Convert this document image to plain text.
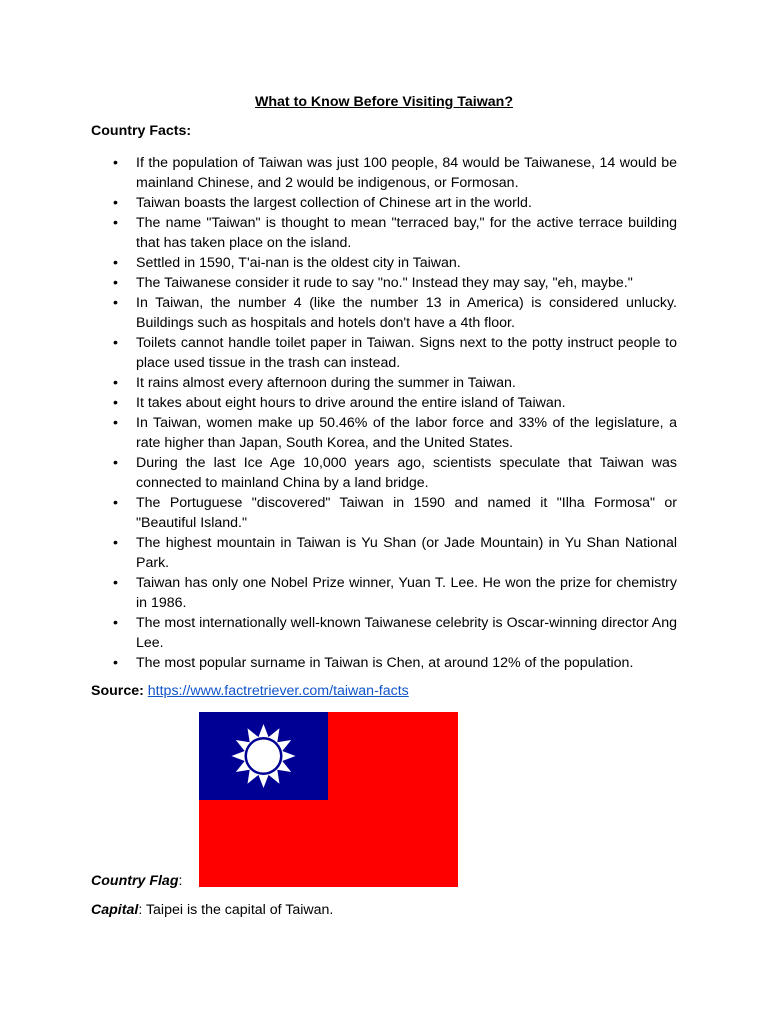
What to Know Before Visiting Taiwan?

Country Facts:

• If the population of Taiwan was just 100 people, 84 would be Taiwanese, 14 would be mainland Chinese, and 2 would be indigenous, or Formosan.
• Taiwan boasts the largest collection of Chinese art in the world.
• The name "Taiwan" is thought to mean "terraced bay," for the active terrace building that has taken place on the island.
• Settled in 1590, T'ai-nan is the oldest city in Taiwan.
• The Taiwanese consider it rude to say "no." Instead they may say, "eh, maybe."
• In Taiwan, the number 4 (like the number 13 in America) is considered unlucky. Buildings such as hospitals and hotels don't have a 4th floor.
• Toilets cannot handle toilet paper in Taiwan. Signs next to the potty instruct people to place used tissue in the trash can instead.
• It rains almost every afternoon during the summer in Taiwan.
• It takes about eight hours to drive around the entire island of Taiwan.
• In Taiwan, women make up 50.46% of the labor force and 33% of the legislature, a rate higher than Japan, South Korea, and the United States.
• During the last Ice Age 10,000 years ago, scientists speculate that Taiwan was connected to mainland China by a land bridge.
• The Portuguese "discovered" Taiwan in 1590 and named it "Ilha Formosa" or "Beautiful Island."
• The highest mountain in Taiwan is Yu Shan (or Jade Mountain) in Yu Shan National Park.
• Taiwan has only one Nobel Prize winner, Yuan T. Lee. He won the prize for chemistry in 1986.
• The most internationally well-known Taiwanese celebrity is Oscar-winning director Ang Lee.
• The most popular surname in Taiwan is Chen, at around 12% of the population.

Source: https://www.factretriever.com/taiwan-facts

Country Flag:

Capital: Taipei is the capital of Taiwan.
